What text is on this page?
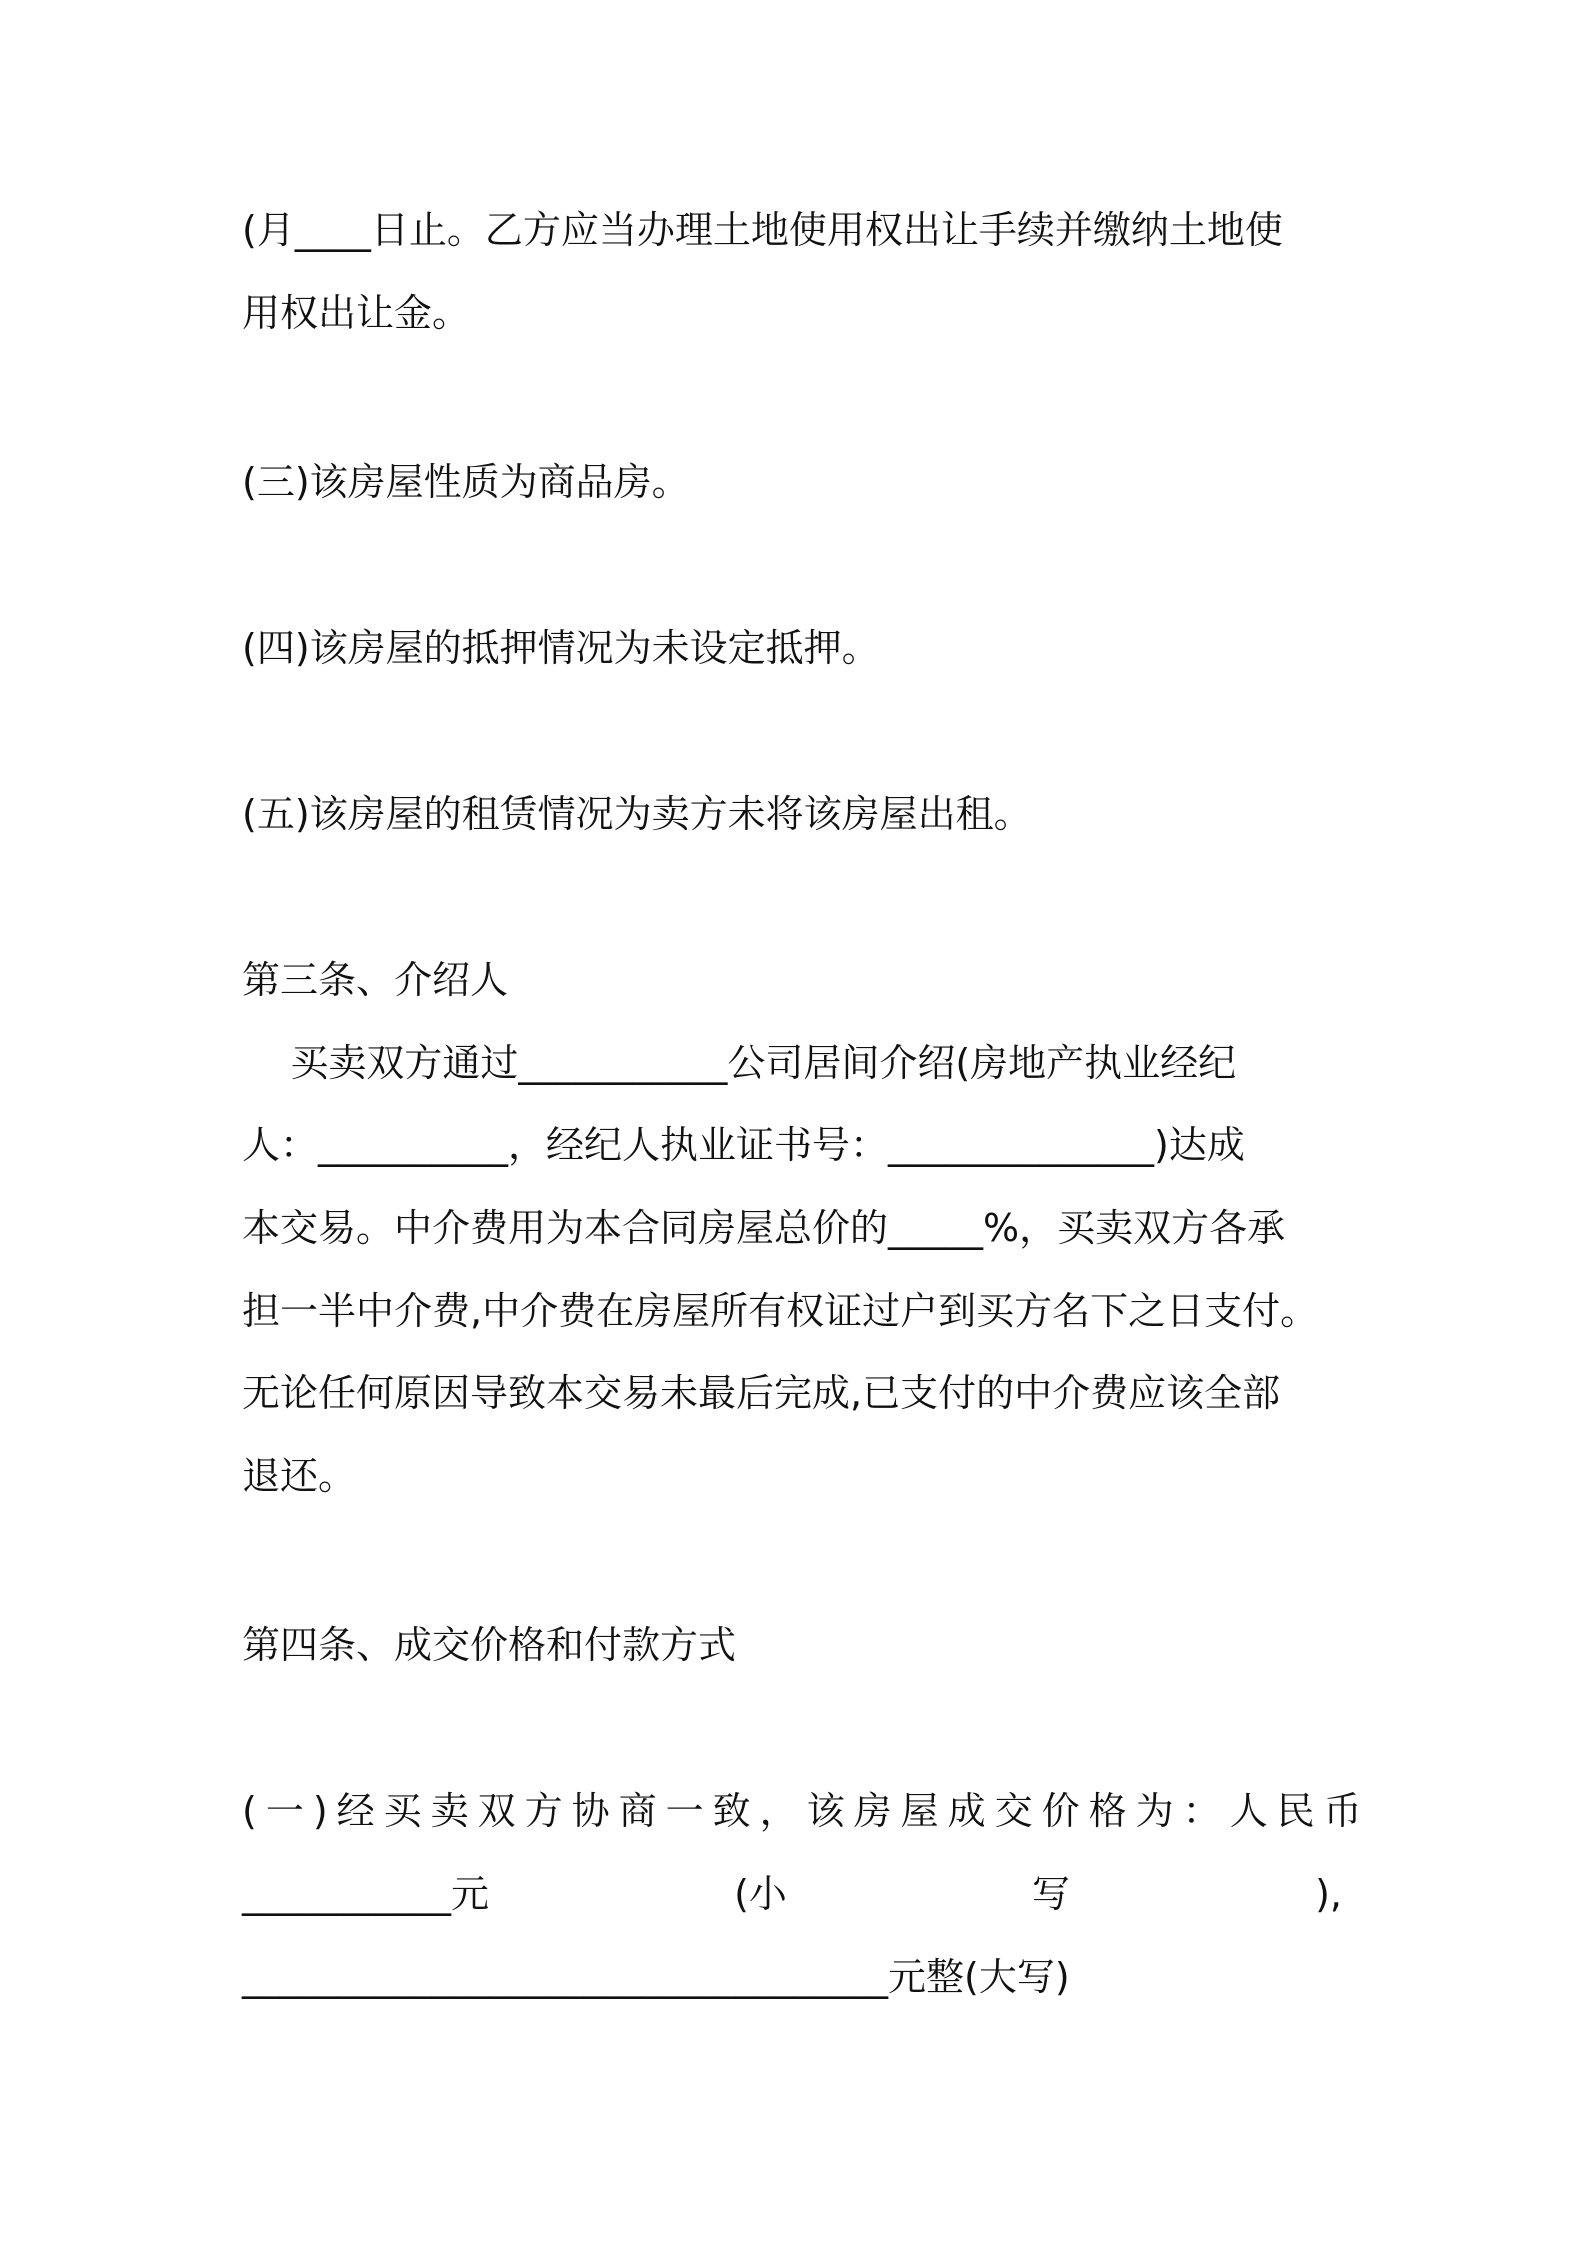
(月____日止。乙方应当办理土地使用权出让手续并缴纳土地使
用权出让金。
(三)该房屋性质为商品房。
(四)该房屋的抵押情况为未设定抵押。
(五)该房屋的租赁情况为卖方未将该房屋出租。
第三条、介绍人
买卖双方通过___________公司居间介绍(房地产执业经纪
人：__________，经纪人执业证书号：______________)达成
本交易。中介费用为本合同房屋总价的_____%，买卖双方各承
担一半中介费,中介费在房屋所有权证过户到买方名下之日支付。
无论任何原因导致本交易未最后完成,已支付的中介费应该全部
退还。
第四条、成交价格和付款方式
(一)经买卖双方协商一致，该房屋成交价格为：人民币
___________元	(小	写	),
__________________________________元整(大写)
